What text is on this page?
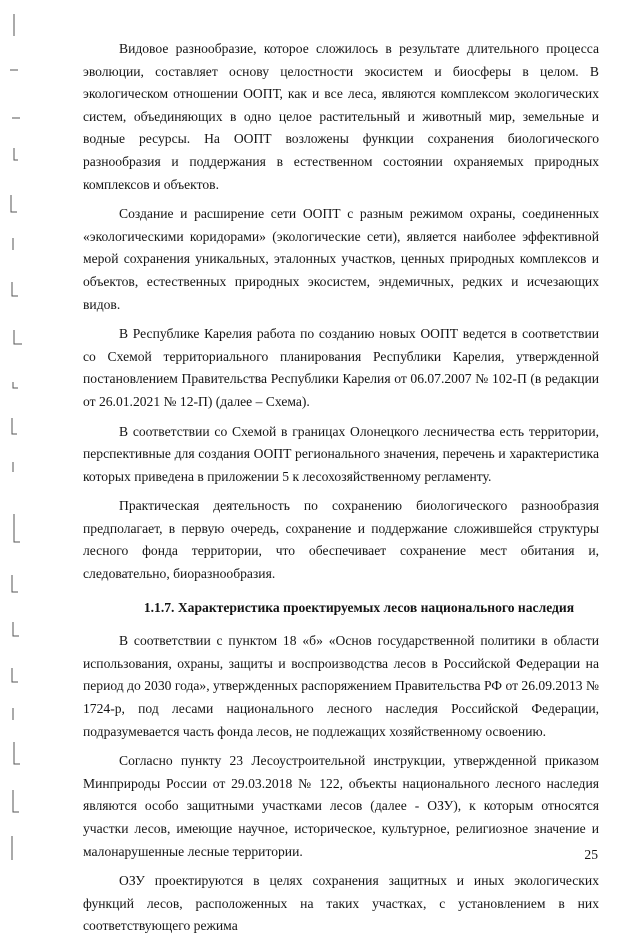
Видовое разнообразие, которое сложилось в результате длительного процесса эволюции, составляет основу целостности экосистем и биосферы в целом. В экологическом отношении ООПТ, как и все леса, являются комплексом экологических систем, объединяющих в одно целое растительный и животный мир, земельные и водные ресурсы. На ООПТ возложены функции сохранения биологического разнообразия и поддержания в естественном состоянии охраняемых природных комплексов и объектов.

Создание и расширение сети ООПТ с разным режимом охраны, соединенных «экологическими коридорами» (экологические сети), является наиболее эффективной мерой сохранения уникальных, эталонных участков, ценных природных комплексов и объектов, естественных природных экосистем, эндемичных, редких и исчезающих видов.

В Республике Карелия работа по созданию новых ООПТ ведется в соответствии со Схемой территориального планирования Республики Карелия, утвержденной постановлением Правительства Республики Карелия от 06.07.2007 № 102-П (в редакции от 26.01.2021 № 12-П) (далее – Схема).

В соответствии со Схемой в границах Олонецкого лесничества есть территории, перспективные для создания ООПТ регионального значения, перечень и характеристика которых приведена в приложении 5 к лесохозяйственному регламенту.

Практическая деятельность по сохранению биологического разнообразия предполагает, в первую очередь, сохранение и поддержание сложившейся структуры лесного фонда территории, что обеспечивает сохранение мест обитания и, следовательно, биоразнообразия.

1.1.7. Характеристика проектируемых лесов национального наследия

В соответствии с пунктом 18 «б» «Основ государственной политики в области использования, охраны, защиты и воспроизводства лесов в Российской Федерации на период до 2030 года», утвержденных распоряжением Правительства РФ от 26.09.2013 № 1724-р, под лесами национального лесного наследия Российской Федерации, подразумевается часть фонда лесов, не подлежащих хозяйственному освоению.

Согласно пункту 23 Лесоустроительной инструкции, утвержденной приказом Минприроды России от 29.03.2018 № 122, объекты национального лесного наследия являются особо защитными участками лесов (далее - ОЗУ), к которым относятся участки лесов, имеющие научное, историческое, культурное, религиозное значение и малонарушенные лесные территории.

ОЗУ проектируются в целях сохранения защитных и иных экологических функций лесов, расположенных на таких участках, с установлением в них соответствующего режима

25
